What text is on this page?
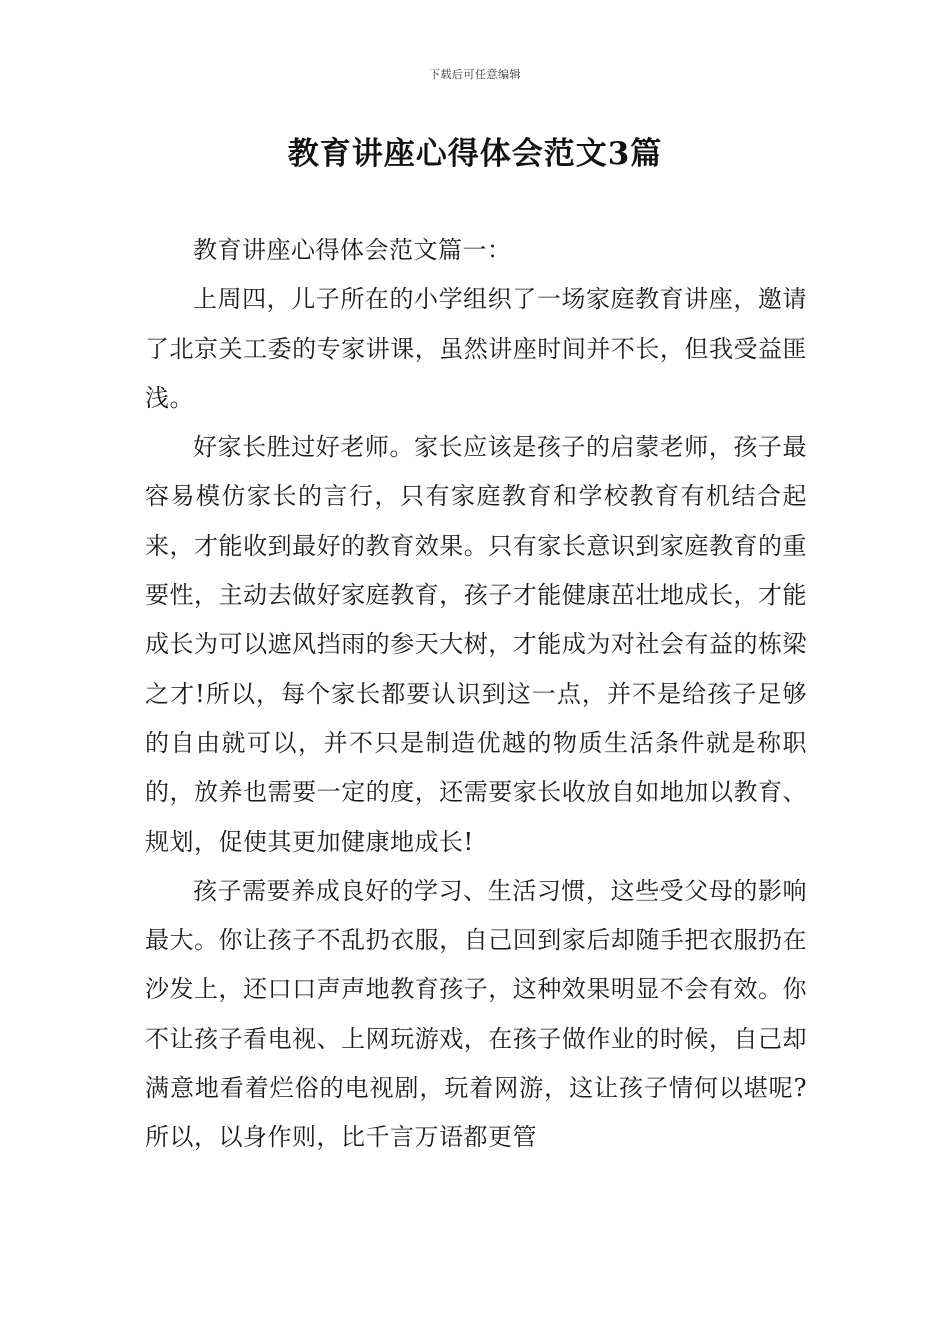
下载后可任意编辑
教育讲座心得体会范文3篇

教育讲座心得体会范文篇一：

上周四，儿子所在的小学组织了一场家庭教育讲座，邀请了北京关工委的专家讲课，虽然讲座时间并不长，但我受益匪浅。

好家长胜过好老师。家长应该是孩子的启蒙老师，孩子最容易模仿家长的言行，只有家庭教育和学校教育有机结合起来，才能收到最好的教育效果。只有家长意识到家庭教育的重要性，主动去做好家庭教育，孩子才能健康茁壮地成长，才能成长为可以遮风挡雨的参天大树，才能成为对社会有益的栋梁之才!所以，每个家长都要认识到这一点，并不是给孩子足够的自由就可以，并不只是制造优越的物质生活条件就是称职的，放养也需要一定的度，还需要家长收放自如地加以教育、规划，促使其更加健康地成长!

孩子需要养成良好的学习、生活习惯，这些受父母的影响最大。你让孩子不乱扔衣服，自己回到家后却随手把衣服扔在沙发上，还口口声声地教育孩子，这种效果明显不会有效。你不让孩子看电视、上网玩游戏，在孩子做作业的时候，自己却满意地看着烂俗的电视剧，玩着网游，这让孩子情何以堪呢?所以，以身作则，比千言万语都更管
